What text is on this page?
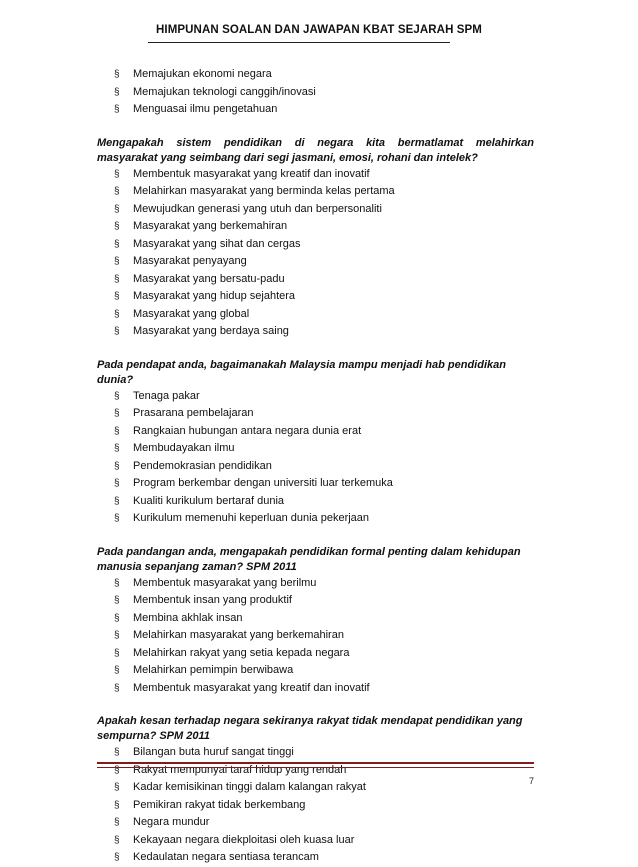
HIMPUNAN SOALAN DAN JAWAPAN KBAT SEJARAH SPM
§ Memajukan ekonomi negara
§ Memajukan teknologi canggih/inovasi
§ Menguasai ilmu pengetahuan
Mengapakah sistem pendidikan di negara kita bermatlamat melahirkan
masyarakat yang seimbang dari segi jasmani, emosi, rohani dan intelek?
§ Membentuk masyarakat yang kreatif dan inovatif
§ Melahirkan masyarakat yang berminda kelas pertama
§ Mewujudkan generasi yang utuh dan berpersonaliti
§ Masyarakat yang berkemahiran
§ Masyarakat yang sihat dan cergas
§ Masyarakat penyayang
§ Masyarakat yang bersatu-padu
§ Masyarakat yang hidup sejahtera
§ Masyarakat yang global
§ Masyarakat yang berdaya saing
Pada pendapat anda, bagaimanakah Malaysia mampu menjadi hab pendidikan dunia?
§ Tenaga pakar
§ Prasarana pembelajaran
§ Rangkaian hubungan antara negara dunia erat
§ Membudayakan ilmu
§ Pendemokrasian pendidikan
§ Program berkembar dengan universiti luar terkemuka
§ Kualiti kurikulum bertaraf dunia
§ Kurikulum memenuhi keperluan dunia pekerjaan
Pada pandangan anda, mengapakah pendidikan formal penting dalam kehidupan
manusia sepanjang zaman? SPM 2011
§ Membentuk masyarakat yang berilmu
§ Membentuk insan yang produktif
§ Membina akhlak insan
§ Melahirkan masyarakat yang berkemahiran
§ Melahirkan rakyat yang setia kepada negara
§ Melahirkan pemimpin berwibawa
§ Membentuk masyarakat yang kreatif dan inovatif
Apakah kesan terhadap negara sekiranya rakyat tidak mendapat pendidikan yang
sempurna? SPM 2011
§ Bilangan buta huruf sangat tinggi
§ Rakyat mempunyai taraf hidup yang rendah
§ Kadar kemisikinan tinggi dalam kalangan rakyat
§ Pemikiran rakyat tidak berkembang
§ Negara mundur
§ Kekayaan negara diekploitasi oleh kuasa luar
§ Kedaulatan negara sentiasa terancam
7
